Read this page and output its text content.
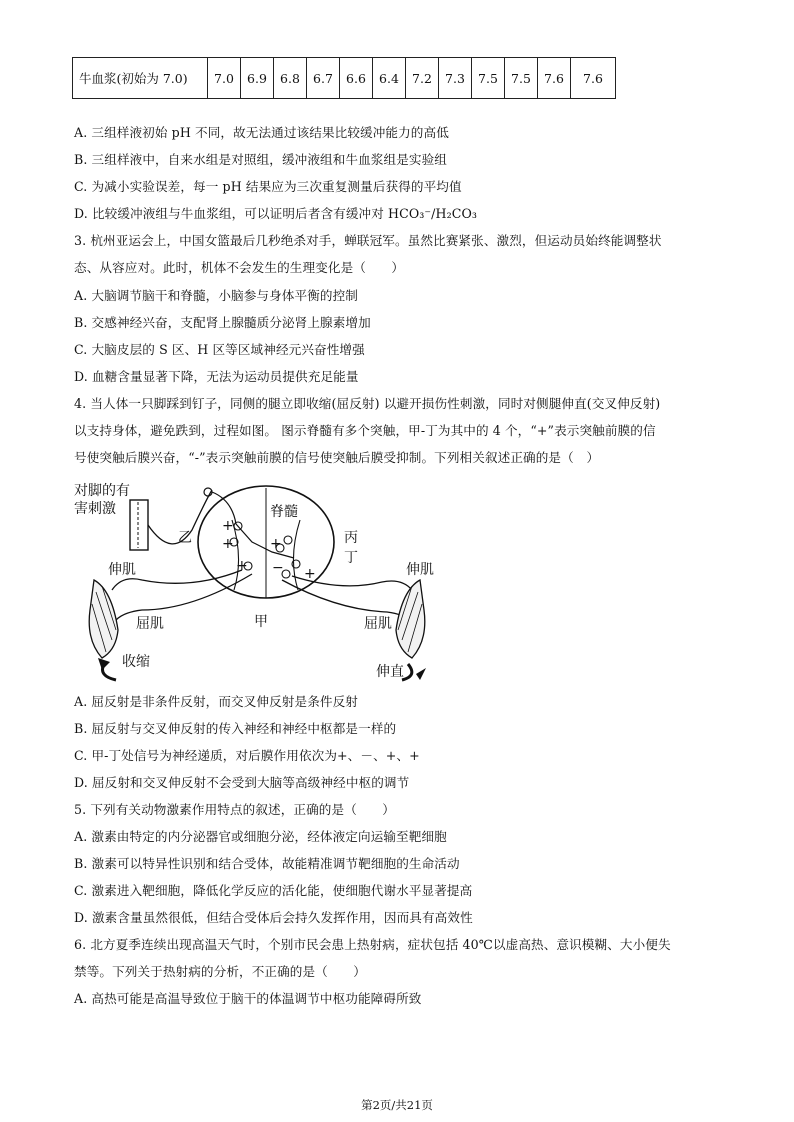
牛血浆(初始为 7.0)	7.0	6.9	6.8	6.7	6.6	6.4	7.2	7.3	7.5	7.5	7.6	7.6
A. 三组样液初始 pH 不同，故无法通过该结果比较缓冲能力的高低
B. 三组样液中，自来水组是对照组，缓冲液组和牛血浆组是实验组
C. 为减小实验误差，每一 pH 结果应为三次重复测量后获得的平均值
D. 比较缓冲液组与牛血浆组，可以证明后者含有缓冲对 HCO₃⁻/H₂CO₃
3. 杭州亚运会上，中国女篮最后几秒绝杀对手，蝉联冠军。虽然比赛紧张、激烈，但运动员始终能调整状
态、从容应对。此时，机体不会发生的生理变化是（　　）
A. 大脑调节脑干和脊髓，小脑参与身体平衡的控制
B. 交感神经兴奋，支配肾上腺髓质分泌肾上腺素增加
C. 大脑皮层的 S 区、H 区等区域神经元兴奋性增强
D. 血糖含量显著下降，无法为运动员提供充足能量
4. 当人体一只脚踩到钉子，同侧的腿立即收缩(屈反射) 以避开损伤性刺激，同时对侧腿伸直(交叉伸反射)
以支持身体，避免跌到，过程如图。 图示脊髓有多个突触，甲-丁为其中的 4 个，“+”表示突触前膜的信
号使突触后膜兴奋，“-”表示突触前膜的信号使突触后膜受抑制。下列相关叙述正确的是（　）
对脚的有
害刺激	脊髓
乙	丙
丁
甲
伸肌
屈肌
收缩
伸肌
屈肌
伸直
+
+	+
+
+ −
A. 屈反射是非条件反射，而交叉伸反射是条件反射
B. 屈反射与交叉伸反射的传入神经和神经中枢都是一样的
C. 甲-丁处信号为神经递质，对后膜作用依次为+、－、+、+
D. 屈反射和交叉伸反射不会受到大脑等高级神经中枢的调节
5. 下列有关动物激素作用特点的叙述，正确的是（　　）
A. 激素由特定的内分泌器官或细胞分泌，经体液定向运输至靶细胞
B. 激素可以特异性识别和结合受体，故能精准调节靶细胞的生命活动
C. 激素进入靶细胞，降低化学反应的活化能，使细胞代谢水平显著提高
D. 激素含量虽然很低，但结合受体后会持久发挥作用，因而具有高效性
6. 北方夏季连续出现高温天气时，个别市民会患上热射病，症状包括 40℃以虚高热、意识模糊、大小便失
禁等。下列关于热射病的分析，不正确的是（　　）
A. 高热可能是高温导致位于脑干的体温调节中枢功能障碍所致
第2页/共21页
